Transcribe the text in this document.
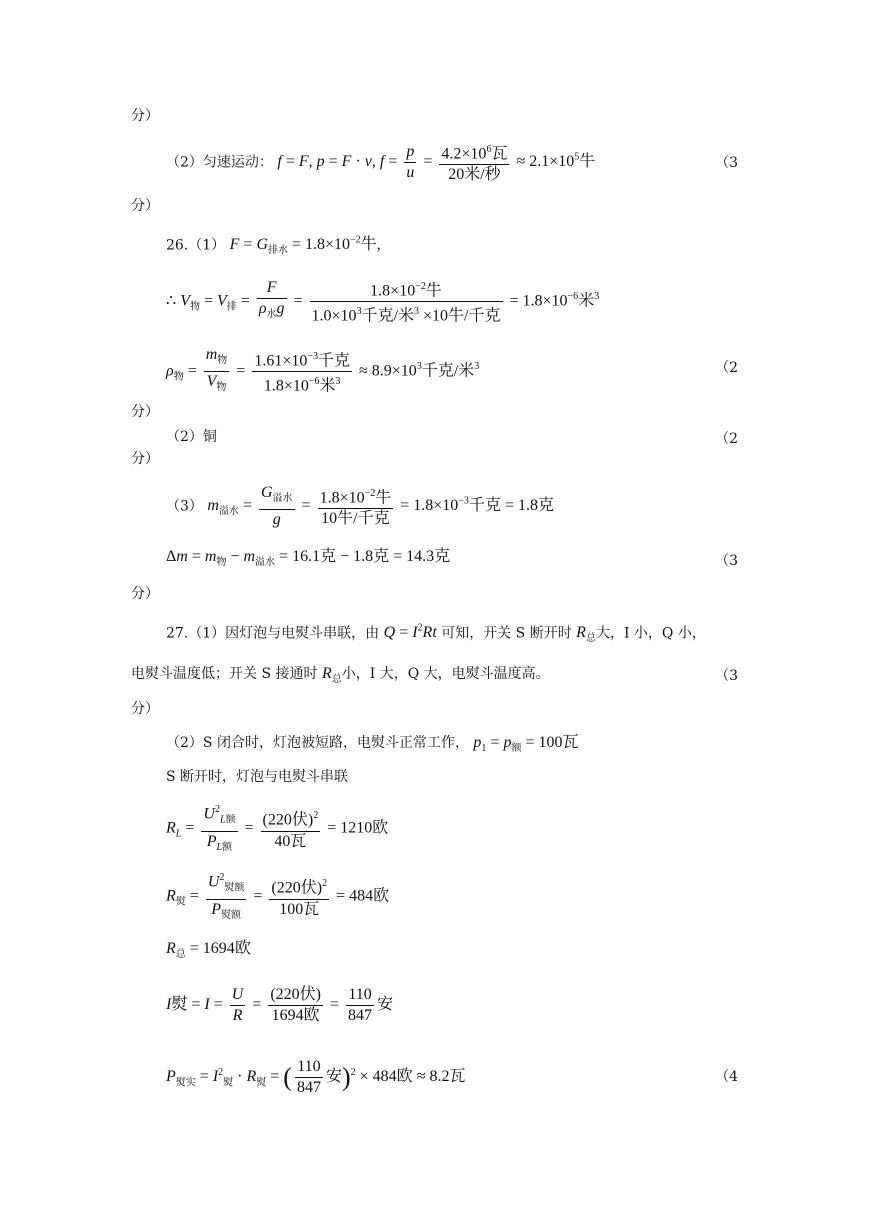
分）
（2）匀速运动： f = F, p = F · v, $f = \frac{p}{u} = \frac{4.2\times 10^6瓦}{\text{20米/秒}} \approx 2.1\times 10^5$牛	（3
分）
26.（1） $F = G_{排水} = 1.8\times 10^{-2}$牛,
∴ $V_物 = V_排 = \frac{F}{\rho_水g} = \frac{1.8\times 10^{-2}牛}{1.0\times 10^3千克/米^3 \times 10牛/千克} = 1.8\times 10^{-6}$米$^3$
$\rho_物 = \frac{m_物}{V_物} = \frac{1.61\times 10^{-3}千克}{1.8\times 10^{-6}米^3} \approx 8.9\times 10^3$千克/米$^3$	（2
分）
（2）铜	（2
分）
（3） $m_{溢水} = \frac{G_{溢水}}{g} = \frac{1.8\times 10^{-2}牛}{\text{10牛/千克}} = 1.8\times 10^{-3}$千克 = 1.8克
$\Delta m = m_物 - m_{溢水} = 16.1$克 − 1.8克 = 14.3克	（3
分）
27.（1）因灯泡与电熨斗串联，由 $Q = I^2Rt$ 可知，开关 S 断开时 $R_总$大，I 小，Q 小，
电熨斗温度低；开关 S 接通时 $R_总$小，I 大，Q 大，电熨斗温度高。	（3
分）
（2）S 闭合时，灯泡被短路，电熨斗正常工作， $p_1 = p_额 = 100$瓦
S 断开时，灯泡与电熨斗串联
$R_L = \frac{U^2_{L额}}{P_{L额}} = \frac{(220伏)^2}{\text{40瓦}} = 1210$欧
$R_熨 = \frac{U^2_{熨额}}{P_{熨额}} = \frac{(220伏)^2}{\text{100瓦}} = 484$欧
$R_总 = 1694$欧
I熨 = $I = \frac{U}{R} = \frac{\text{(220伏)}}{\text{1694欧}} = \frac{110}{847}$ 安
$P_{熨实} = I^2_熨 \cdot R_熨$ = ( $\frac{110}{847}$ 安)$^2$ × 484欧 ≈ 8.2瓦	（4
